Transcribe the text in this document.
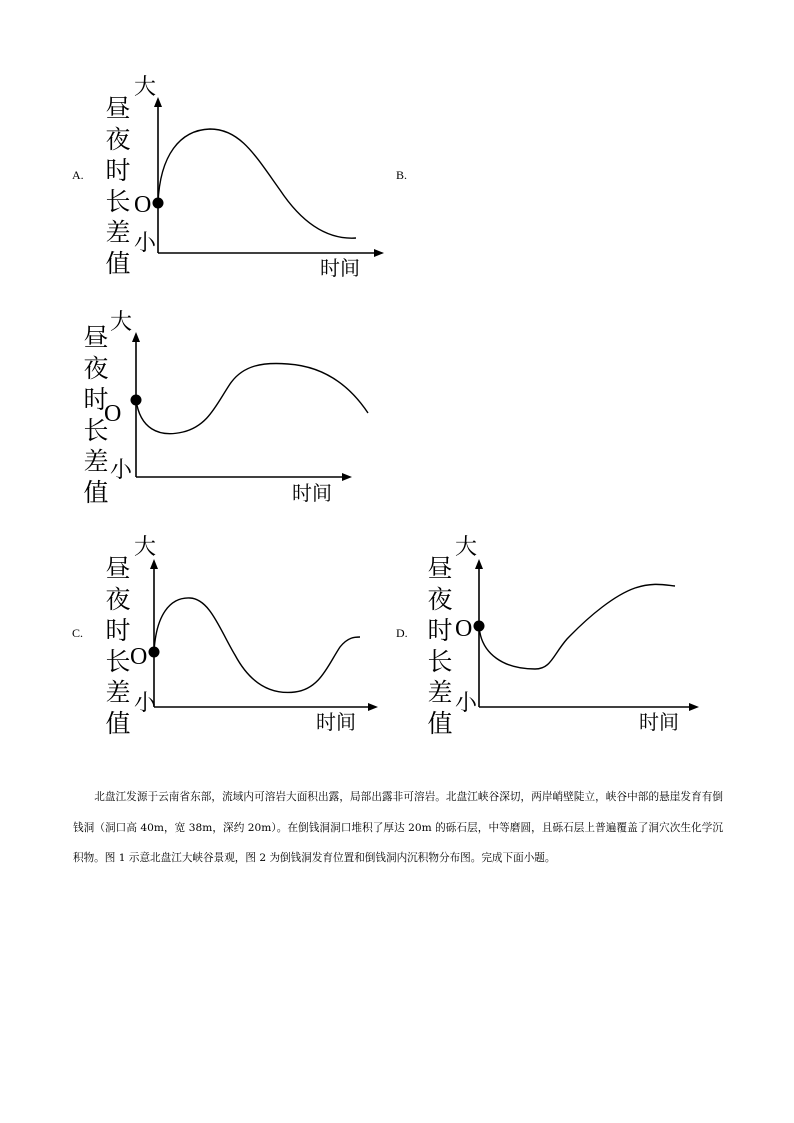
A.	B.
C.	D.
昼夜时长差值
大
小
O
时间
昼夜时长差值
大
小
O
时间
昼夜时长差值
大
小
O
时间
昼夜时长差值
大
小
O
时间

北盘江发源于云南省东部，流域内可溶岩大面积出露，局部出露非可溶岩。北盘江峡谷深切，两岸峭壁陡立，峡谷中部的悬崖发育有倒钱洞（洞口高 40m，宽 38m，深约 20m）。在倒钱洞洞口堆积了厚达 20m 的砾石层，中等磨圆，且砾石层上普遍覆盖了洞穴次生化学沉积物。图 1 示意北盘江大峡谷景观，图 2 为倒钱洞发育位置和倒钱洞内沉积物分布图。完成下面小题。
